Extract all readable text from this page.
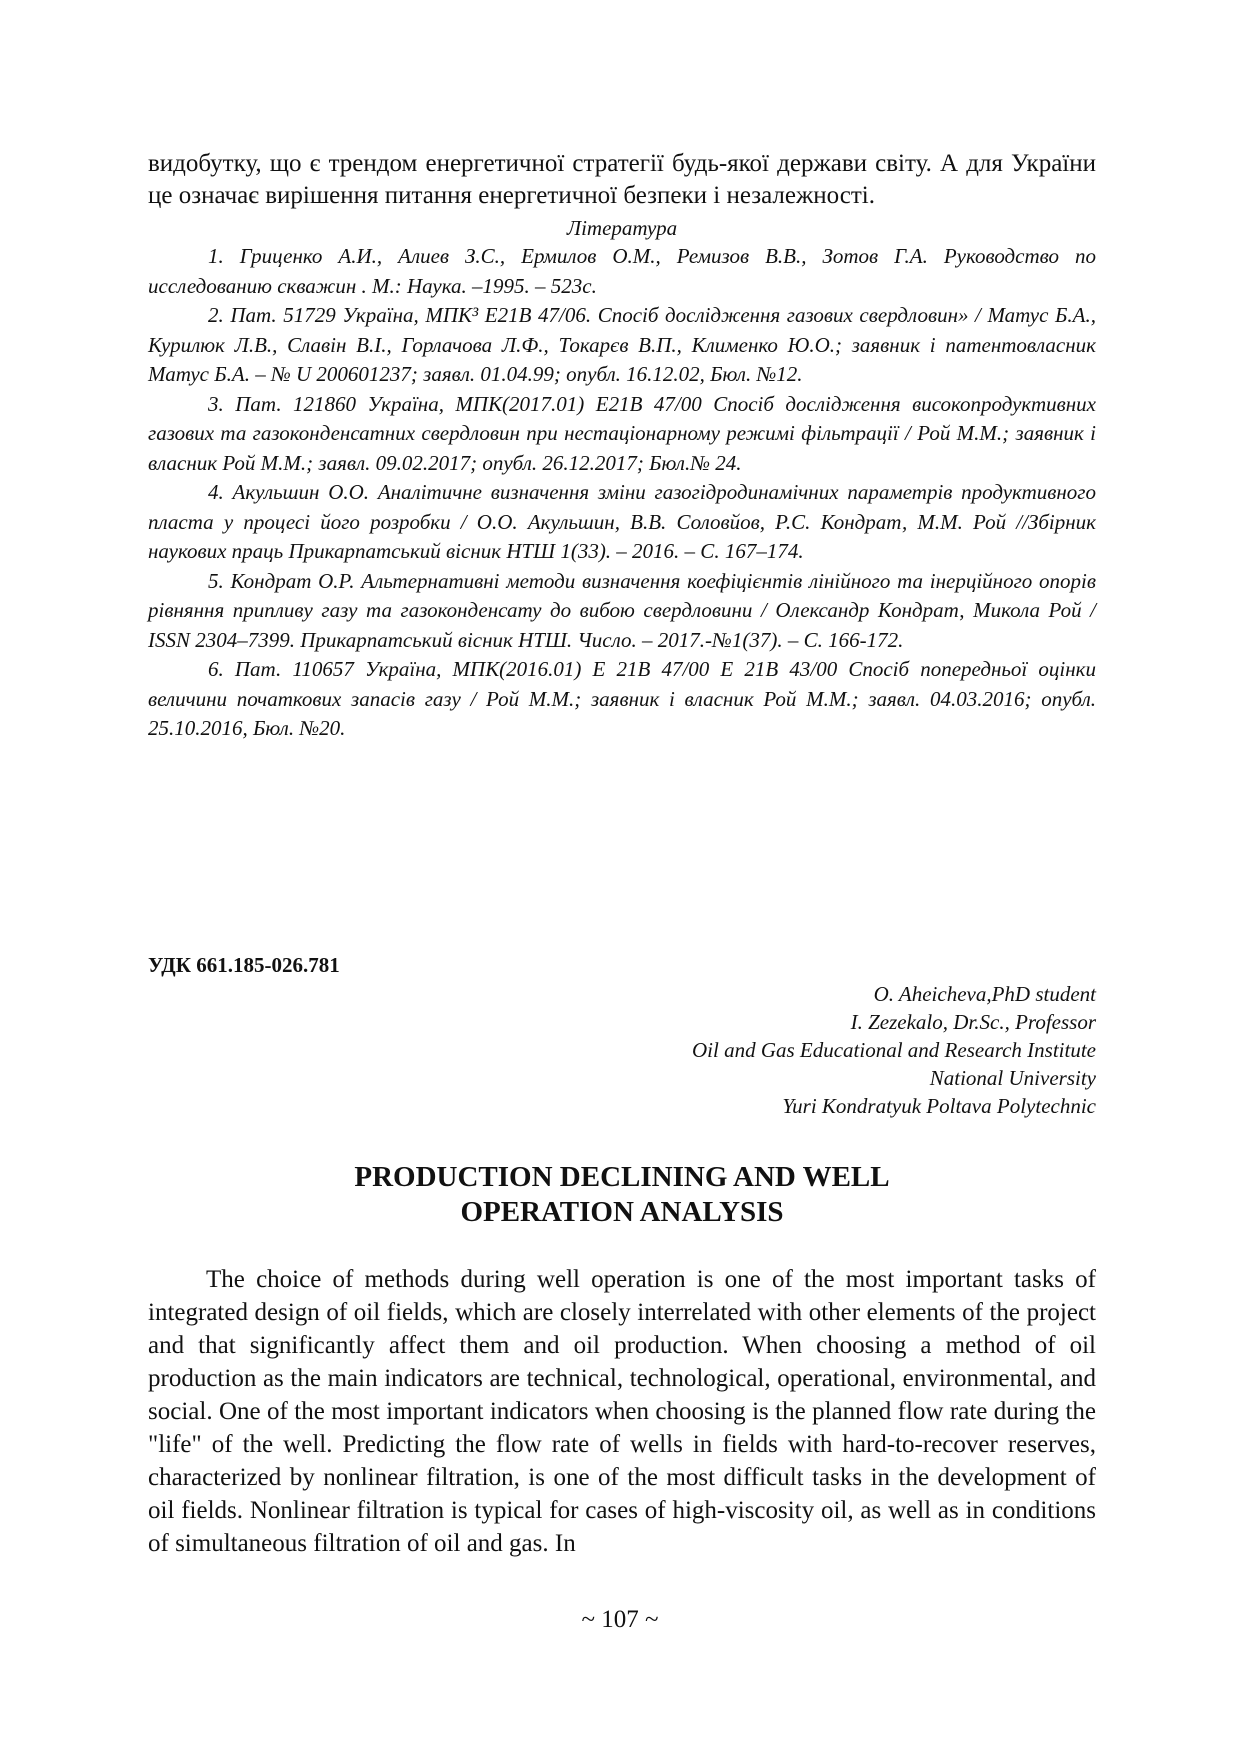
видобутку, що є трендом енергетичної стратегії будь-якої держави світу. А для України це означає вирішення питання енергетичної безпеки і незалежності.

Література

1. Гриценко А.И., Алиев З.С., Ермилов О.М., Ремизов В.В., Зотов Г.А. Руководство по исследованию скважин . М.: Наука. –1995. – 523с.

2. Пат. 51729 Україна, МПК³ Е21В 47/06. Спосіб дослідження газових свердловин» / Матус Б.А., Курилюк Л.В., Славін В.І., Горлачова Л.Ф., Токарєв В.П., Клименко Ю.О.; заявник і патентовласник Матус Б.А. – № U 200601237; заявл. 01.04.99; опубл. 16.12.02, Бюл. №12.

3. Пат. 121860 Україна, МПК(2017.01) Е21В 47/00 Спосіб дослідження високопродуктивних газових та газоконденсатних свердловин при нестаціонарному режимі фільтрації / Рой М.М.; заявник і власник Рой М.М.; заявл. 09.02.2017; опубл. 26.12.2017; Бюл.№ 24.

4. Акульшин О.О. Аналітичне визначення зміни газогідродинамічних параметрів продуктивного пласта у процесі його розробки / О.О. Акульшин, В.В. Соловйов, Р.С. Кондрат, М.М. Рой //Збірник наукових праць Прикарпатський вісник НТШ 1(33). – 2016. – С. 167–174.

5. Кондрат О.Р. Альтернативні методи визначення коефіцієнтів лінійного та інерційного опорів рівняння припливу газу та газоконденсату до вибою свердловини / Олександр Кондрат, Микола Рой / ISSN 2304–7399. Прикарпатський вісник НТШ. Число. – 2017.-№1(37). – С. 166-172.

6. Пат. 110657 Україна, МПК(2016.01) Е 21В 47/00 Е 21В 43/00 Спосіб попередньої оцінки величини початкових запасів газу / Рой М.М.; заявник і власник Рой М.М.; заявл. 04.03.2016; опубл. 25.10.2016, Бюл. №20.

УДК 661.185-026.781

O. Aheicheva,PhD student
I. Zezekalo, Dr.Sc., Professor
Oil and Gas Educational and Research Institute
National University
Yuri Kondratyuk Poltava Polytechnic
PRODUCTION DECLINING AND WELL
OPERATION ANALYSIS

The choice of methods during well operation is one of the most important tasks of integrated design of oil fields, which are closely interrelated with other elements of the project and that significantly affect them and oil production. When choosing a method of oil production as the main indicators are technical, technological, operational, environmental, and social. One of the most important indicators when choosing is the planned flow rate during the "life" of the well. Predicting the flow rate of wells in fields with hard-to-recover reserves, characterized by nonlinear filtration, is one of the most difficult tasks in the development of oil fields. Nonlinear filtration is typical for cases of high-viscosity oil, as well as in conditions of simultaneous filtration of oil and gas. In

~ 107 ~
